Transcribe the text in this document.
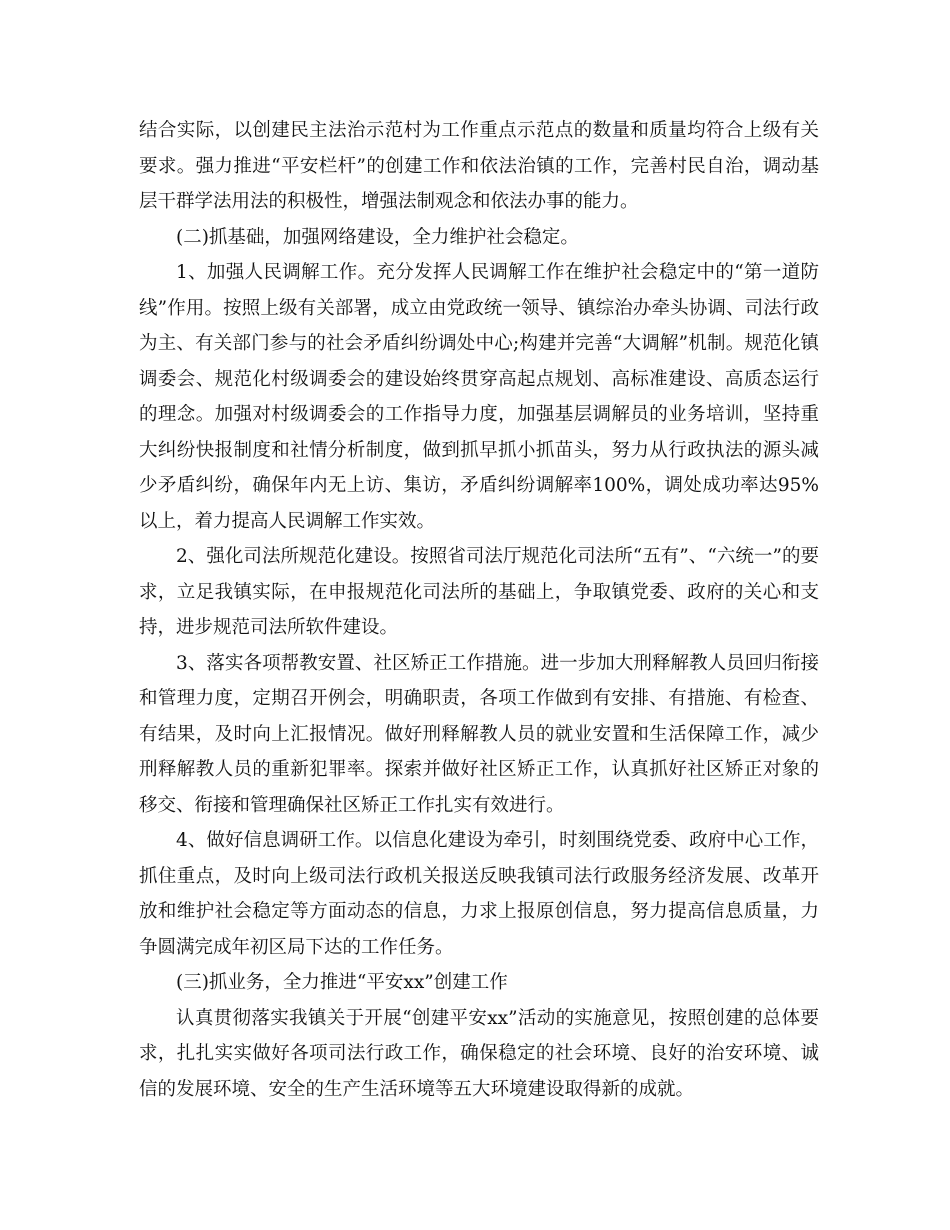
结合实际，以创建民主法治示范村为工作重点示范点的数量和质量均符合上级有关要求。强力推进“平安栏杆”的创建工作和依法治镇的工作，完善村民自治，调动基层干群学法用法的积极性，增强法制观念和依法办事的能力。

(二)抓基础，加强网络建设，全力维护社会稳定。

1、加强人民调解工作。充分发挥人民调解工作在维护社会稳定中的“第一道防线”作用。按照上级有关部署，成立由党政统一领导、镇综治办牵头协调、司法行政为主、有关部门参与的社会矛盾纠纷调处中心;构建并完善“大调解”机制。规范化镇调委会、规范化村级调委会的建设始终贯穿高起点规划、高标准建设、高质态运行的理念。加强对村级调委会的工作指导力度，加强基层调解员的业务培训，坚持重大纠纷快报制度和社情分析制度，做到抓早抓小抓苗头，努力从行政执法的源头减少矛盾纠纷，确保年内无上访、集访，矛盾纠纷调解率100%，调处成功率达95%以上，着力提高人民调解工作实效。

2、强化司法所规范化建设。按照省司法厅规范化司法所“五有”、“六统一”的要求，立足我镇实际，在申报规范化司法所的基础上，争取镇党委、政府的关心和支持，进步规范司法所软件建设。

3、落实各项帮教安置、社区矫正工作措施。进一步加大刑释解教人员回归衔接和管理力度，定期召开例会，明确职责，各项工作做到有安排、有措施、有检查、有结果，及时向上汇报情况。做好刑释解教人员的就业安置和生活保障工作，减少刑释解教人员的重新犯罪率。探索并做好社区矫正工作，认真抓好社区矫正对象的移交、衔接和管理确保社区矫正工作扎实有效进行。

4、做好信息调研工作。以信息化建设为牵引，时刻围绕党委、政府中心工作，抓住重点，及时向上级司法行政机关报送反映我镇司法行政服务经济发展、改革开放和维护社会稳定等方面动态的信息，力求上报原创信息，努力提高信息质量，力争圆满完成年初区局下达的工作任务。

(三)抓业务，全力推进“平安xx”创建工作

认真贯彻落实我镇关于开展“创建平安xx”活动的实施意见，按照创建的总体要求，扎扎实实做好各项司法行政工作，确保稳定的社会环境、良好的治安环境、诚信的发展环境、安全的生产生活环境等五大环境建设取得新的成就。
